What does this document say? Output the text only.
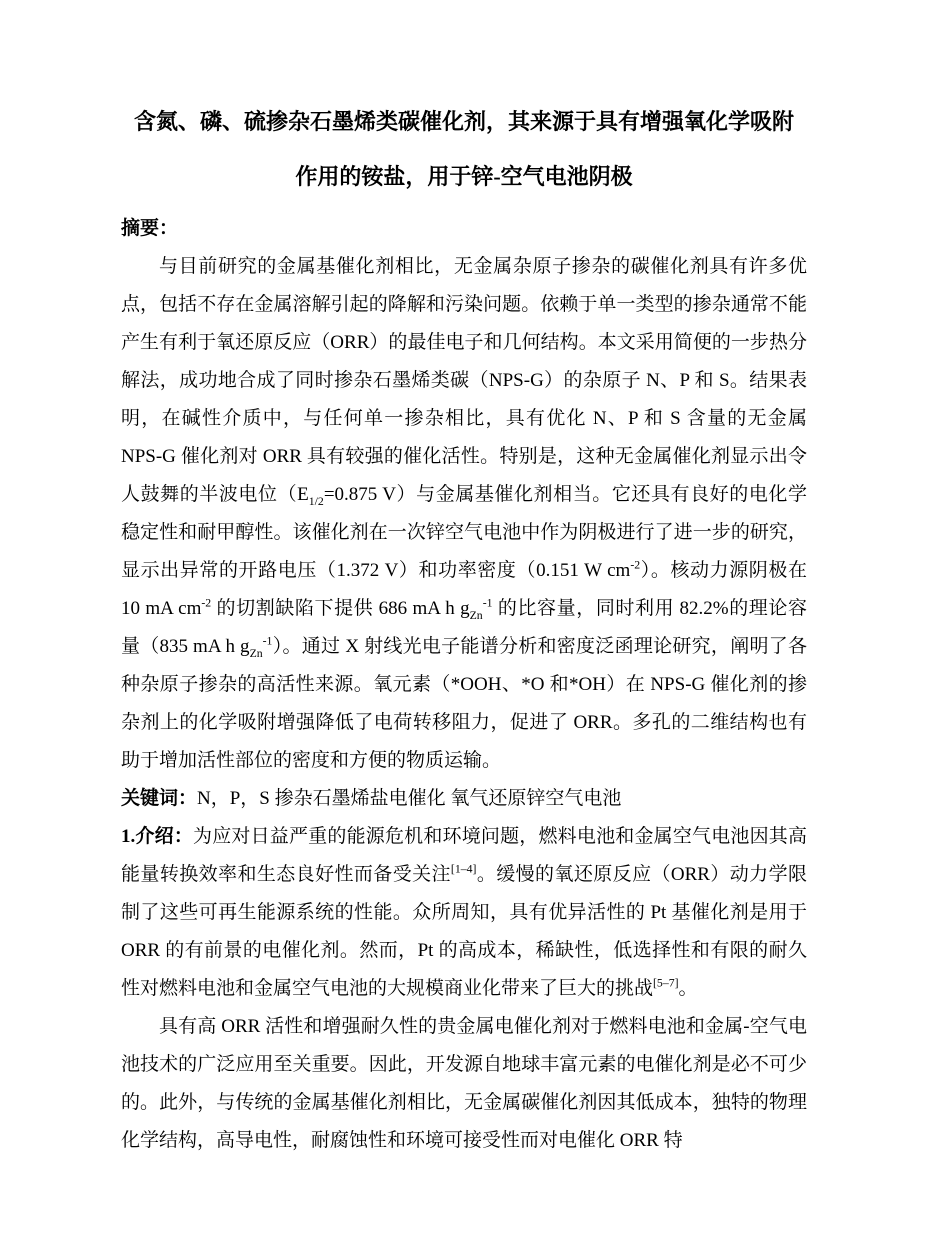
含氮、磷、硫掺杂石墨烯类碳催化剂，其来源于具有增强氧化学吸附
作用的铵盐，用于锌-空气电池阴极

摘要：

与目前研究的金属基催化剂相比，无金属杂原子掺杂的碳催化剂具有许多优点，包括不存在金属溶解引起的降解和污染问题。依赖于单一类型的掺杂通常不能产生有利于氧还原反应（ORR）的最佳电子和几何结构。本文采用简便的一步热分解法，成功地合成了同时掺杂石墨烯类碳（NPS-G）的杂原子 N、P 和 S。结果表明，在碱性介质中，与任何单一掺杂相比，具有优化 N、P 和 S 含量的无金属 NPS-G 催化剂对 ORR 具有较强的催化活性。特别是，这种无金属催化剂显示出令人鼓舞的半波电位（$E_{1/2}=0.875$ V）与金属基催化剂相当。它还具有良好的电化学稳定性和耐甲醇性。该催化剂在一次锌空气电池中作为阴极进行了进一步的研究，显示出异常的开路电压（1.372 V）和功率密度（0.151 W $cm^{-2}$）。核动力源阴极在 10 mA $cm^{-2}$ 的切割缺陷下提供 686 mA h $g_{Zn}^{-1}$ 的比容量，同时利用 82.2%的理论容量（835 mA h $g_{Zn}^{-1}$）。通过 X 射线光电子能谱分析和密度泛函理论研究，阐明了各种杂原子掺杂的高活性来源。氧元素（*OOH、*O 和*OH）在 NPS-G 催化剂的掺杂剂上的化学吸附增强降低了电荷转移阻力，促进了 ORR。多孔的二维结构也有助于增加活性部位的密度和方便的物质运输。

关键词：N，P，S 掺杂石墨烯盐电催化 氧气还原锌空气电池

1.介绍：为应对日益严重的能源危机和环境问题，燃料电池和金属空气电池因其高能量转换效率和生态良好性而备受关注[1–4]。缓慢的氧还原反应（ORR）动力学限制了这些可再生能源系统的性能。众所周知，具有优异活性的 Pt 基催化剂是用于 ORR 的有前景的电催化剂。然而，Pt 的高成本，稀缺性，低选择性和有限的耐久性对燃料电池和金属空气电池的大规模商业化带来了巨大的挑战[5–7]。

具有高 ORR 活性和增强耐久性的贵金属电催化剂对于燃料电池和金属-空气电池技术的广泛应用至关重要。因此，开发源自地球丰富元素的电催化剂是必不可少的。此外，与传统的金属基催化剂相比，无金属碳催化剂因其低成本，独特的物理化学结构，高导电性，耐腐蚀性和环境可接受性而对电催化 ORR 特
